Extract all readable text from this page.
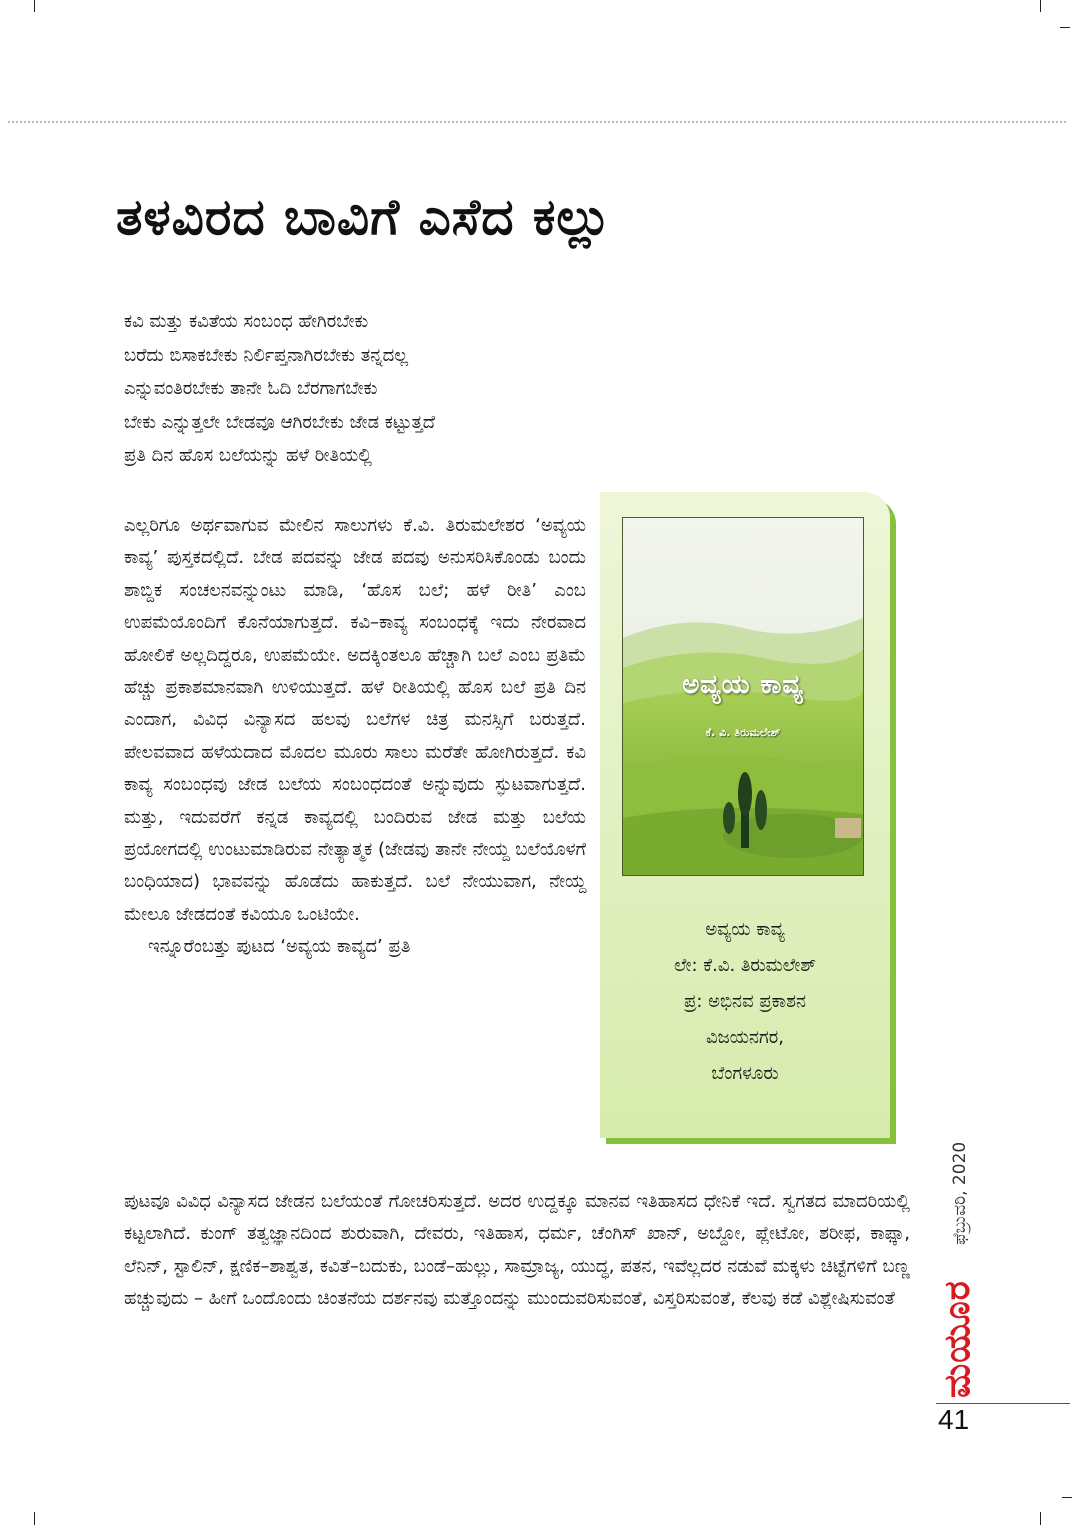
ತಳವಿರದ ಬಾವಿಗೆ ಎಸೆದ ಕಲ್ಲು
ಕವಿ ಮತ್ತು ಕವಿತೆಯ ಸಂಬಂಧ ಹೇಗಿರಬೇಕು
ಬರೆದು ಬಿಸಾಕಬೇಕು ನಿರ್ಲಿಪ್ತನಾಗಿರಬೇಕು ತನ್ನದಲ್ಲ
ಎನ್ನುವಂತಿರಬೇಕು ತಾನೇ ಓದಿ ಬೆರಗಾಗಬೇಕು
ಬೇಕು ಎನ್ನುತ್ತಲೇ ಬೇಡವೂ ಆಗಿರಬೇಕು ಜೇಡ ಕಟ್ಟುತ್ತದೆ
ಪ್ರತಿ ದಿನ ಹೊಸ ಬಲೆಯನ್ನು ಹಳೆ ರೀತಿಯಲ್ಲಿ

ಎಲ್ಲರಿಗೂ ಅರ್ಥವಾಗುವ ಮೇಲಿನ ಸಾಲುಗಳು ಕೆ.ವಿ. ತಿರುಮಲೇಶರ ‘ಅವ್ಯಯ ಕಾವ್ಯ’ ಪುಸ್ತಕದಲ್ಲಿದೆ. ಬೇಡ ಪದವನ್ನು ಜೇಡ ಪದವು ಅನುಸರಿಸಿಕೊಂಡು ಬಂದು ಶಾಬ್ದಿಕ ಸಂಚಲನವನ್ನುಂಟು ಮಾಡಿ, ‘ಹೊಸ ಬಲೆ; ಹಳೆ ರೀತಿ’ ಎಂಬ ಉಪಮೆಯೊಂದಿಗೆ ಕೊನೆಯಾಗುತ್ತದೆ. ಕವಿ–ಕಾವ್ಯ ಸಂಬಂಧಕ್ಕೆ ಇದು ನೇರವಾದ ಹೋಲಿಕೆ ಅಲ್ಲದಿದ್ದರೂ, ಉಪಮೆಯೇ. ಅದಕ್ಕಿಂತಲೂ ಹೆಚ್ಚಾಗಿ ಬಲೆ ಎಂಬ ಪ್ರತಿಮೆ ಹೆಚ್ಚು ಪ್ರಕಾಶಮಾನವಾಗಿ ಉಳಿಯುತ್ತದೆ. ಹಳೆ ರೀತಿಯಲ್ಲಿ ಹೊಸ ಬಲೆ ಪ್ರತಿ ದಿನ ಎಂದಾಗ, ವಿವಿಧ ವಿನ್ಯಾಸದ ಹಲವು ಬಲೆಗಳ ಚಿತ್ರ ಮನಸ್ಸಿಗೆ ಬರುತ್ತದೆ. ಪೇಲವವಾದ ಹಳೆಯದಾದ ಮೊದಲ ಮೂರು ಸಾಲು ಮರೆತೇ ಹೋಗಿರುತ್ತದೆ. ಕವಿ ಕಾವ್ಯ ಸಂಬಂಧವು ಜೇಡ ಬಲೆಯ ಸಂಬಂಧದಂತೆ ಅನ್ನುವುದು ಸ್ಫುಟವಾಗುತ್ತದೆ. ಮತ್ತು, ಇದುವರೆಗೆ ಕನ್ನಡ ಕಾವ್ಯದಲ್ಲಿ ಬಂದಿರುವ ಜೇಡ ಮತ್ತು ಬಲೆಯ ಪ್ರಯೋಗದಲ್ಲಿ ಉಂಟುಮಾಡಿರುವ ನೇತ್ಯಾತ್ಮಕ (ಜೇಡವು ತಾನೇ ನೇಯ್ದ ಬಲೆಯೊಳಗೆ ಬಂಧಿಯಾದ) ಭಾವವನ್ನು ಹೊಡೆದು ಹಾಕುತ್ತದೆ. ಬಲೆ ನೇಯುವಾಗ, ನೇಯ್ದ ಮೇಲೂ ಜೇಡದಂತೆ ಕವಿಯೂ ಒಂಟಿಯೇ.

ಇನ್ನೂರೆಂಬತ್ತು ಪುಟದ ‘ಅವ್ಯಯ ಕಾವ್ಯದ’ ಪ್ರತಿ

ಪುಟವೂ ವಿವಿಧ ವಿನ್ಯಾಸದ ಜೇಡನ ಬಲೆಯಂತೆ ಗೋಚರಿಸುತ್ತದೆ. ಅದರ ಉದ್ದಕ್ಕೂ ಮಾನವ ಇತಿಹಾಸದ ಧೇನಿಕೆ ಇದೆ. ಸ್ವಗತದ ಮಾದರಿಯಲ್ಲಿ ಕಟ್ಟಲಾಗಿದೆ. ಕುಂಗ್ ತತ್ವಜ್ಞಾನದಿಂದ ಶುರುವಾಗಿ, ದೇವರು, ಇತಿಹಾಸ, ಧರ್ಮ, ಚೆಂಗಿಸ್ ಖಾನ್, ಅಬ್ದೋ, ಪ್ಲೇಟೋ, ಶರೀಫ, ಕಾಫ್ಕಾ, ಲೆನಿನ್, ಸ್ಟಾಲಿನ್, ಕ್ಷಣಿಕ–ಶಾಶ್ವತ, ಕವಿತೆ–ಬದುಕು, ಬಂಡೆ–ಹುಲ್ಲು, ಸಾಮ್ರಾಜ್ಯ, ಯುದ್ಧ, ಪತನ, ಇವೆಲ್ಲದರ ನಡುವೆ ಮಕ್ಕಳು ಚಿಟ್ಟೆಗಳಿಗೆ ಬಣ್ಣ ಹಚ್ಚುವುದು – ಹೀಗೆ ಒಂದೊಂದು ಚಿಂತನೆಯ ದರ್ಶನವು ಮತ್ತೊಂದನ್ನು ಮುಂದುವರಿಸುವಂತೆ, ವಿಸ್ತರಿಸುವಂತೆ, ಕೆಲವು ಕಡೆ ವಿಶ್ಲೇಷಿಸುವಂತೆ

ಅವ್ಯಯ ಕಾವ್ಯ
ಕೆ. ವಿ. ತಿರುಮಲೇಶ್
ಅವ್ಯಯ ಕಾವ್ಯ
ಲೇ: ಕೆ.ವಿ. ತಿರುಮಲೇಶ್
ಪ್ರ: ಅಭಿನವ ಪ್ರಕಾಶನ
ವಿಜಯನಗರ,
ಬೆಂಗಳೂರು
ಫೆಬ್ರುವರಿ, 2020
ಮಯೂರ
41
